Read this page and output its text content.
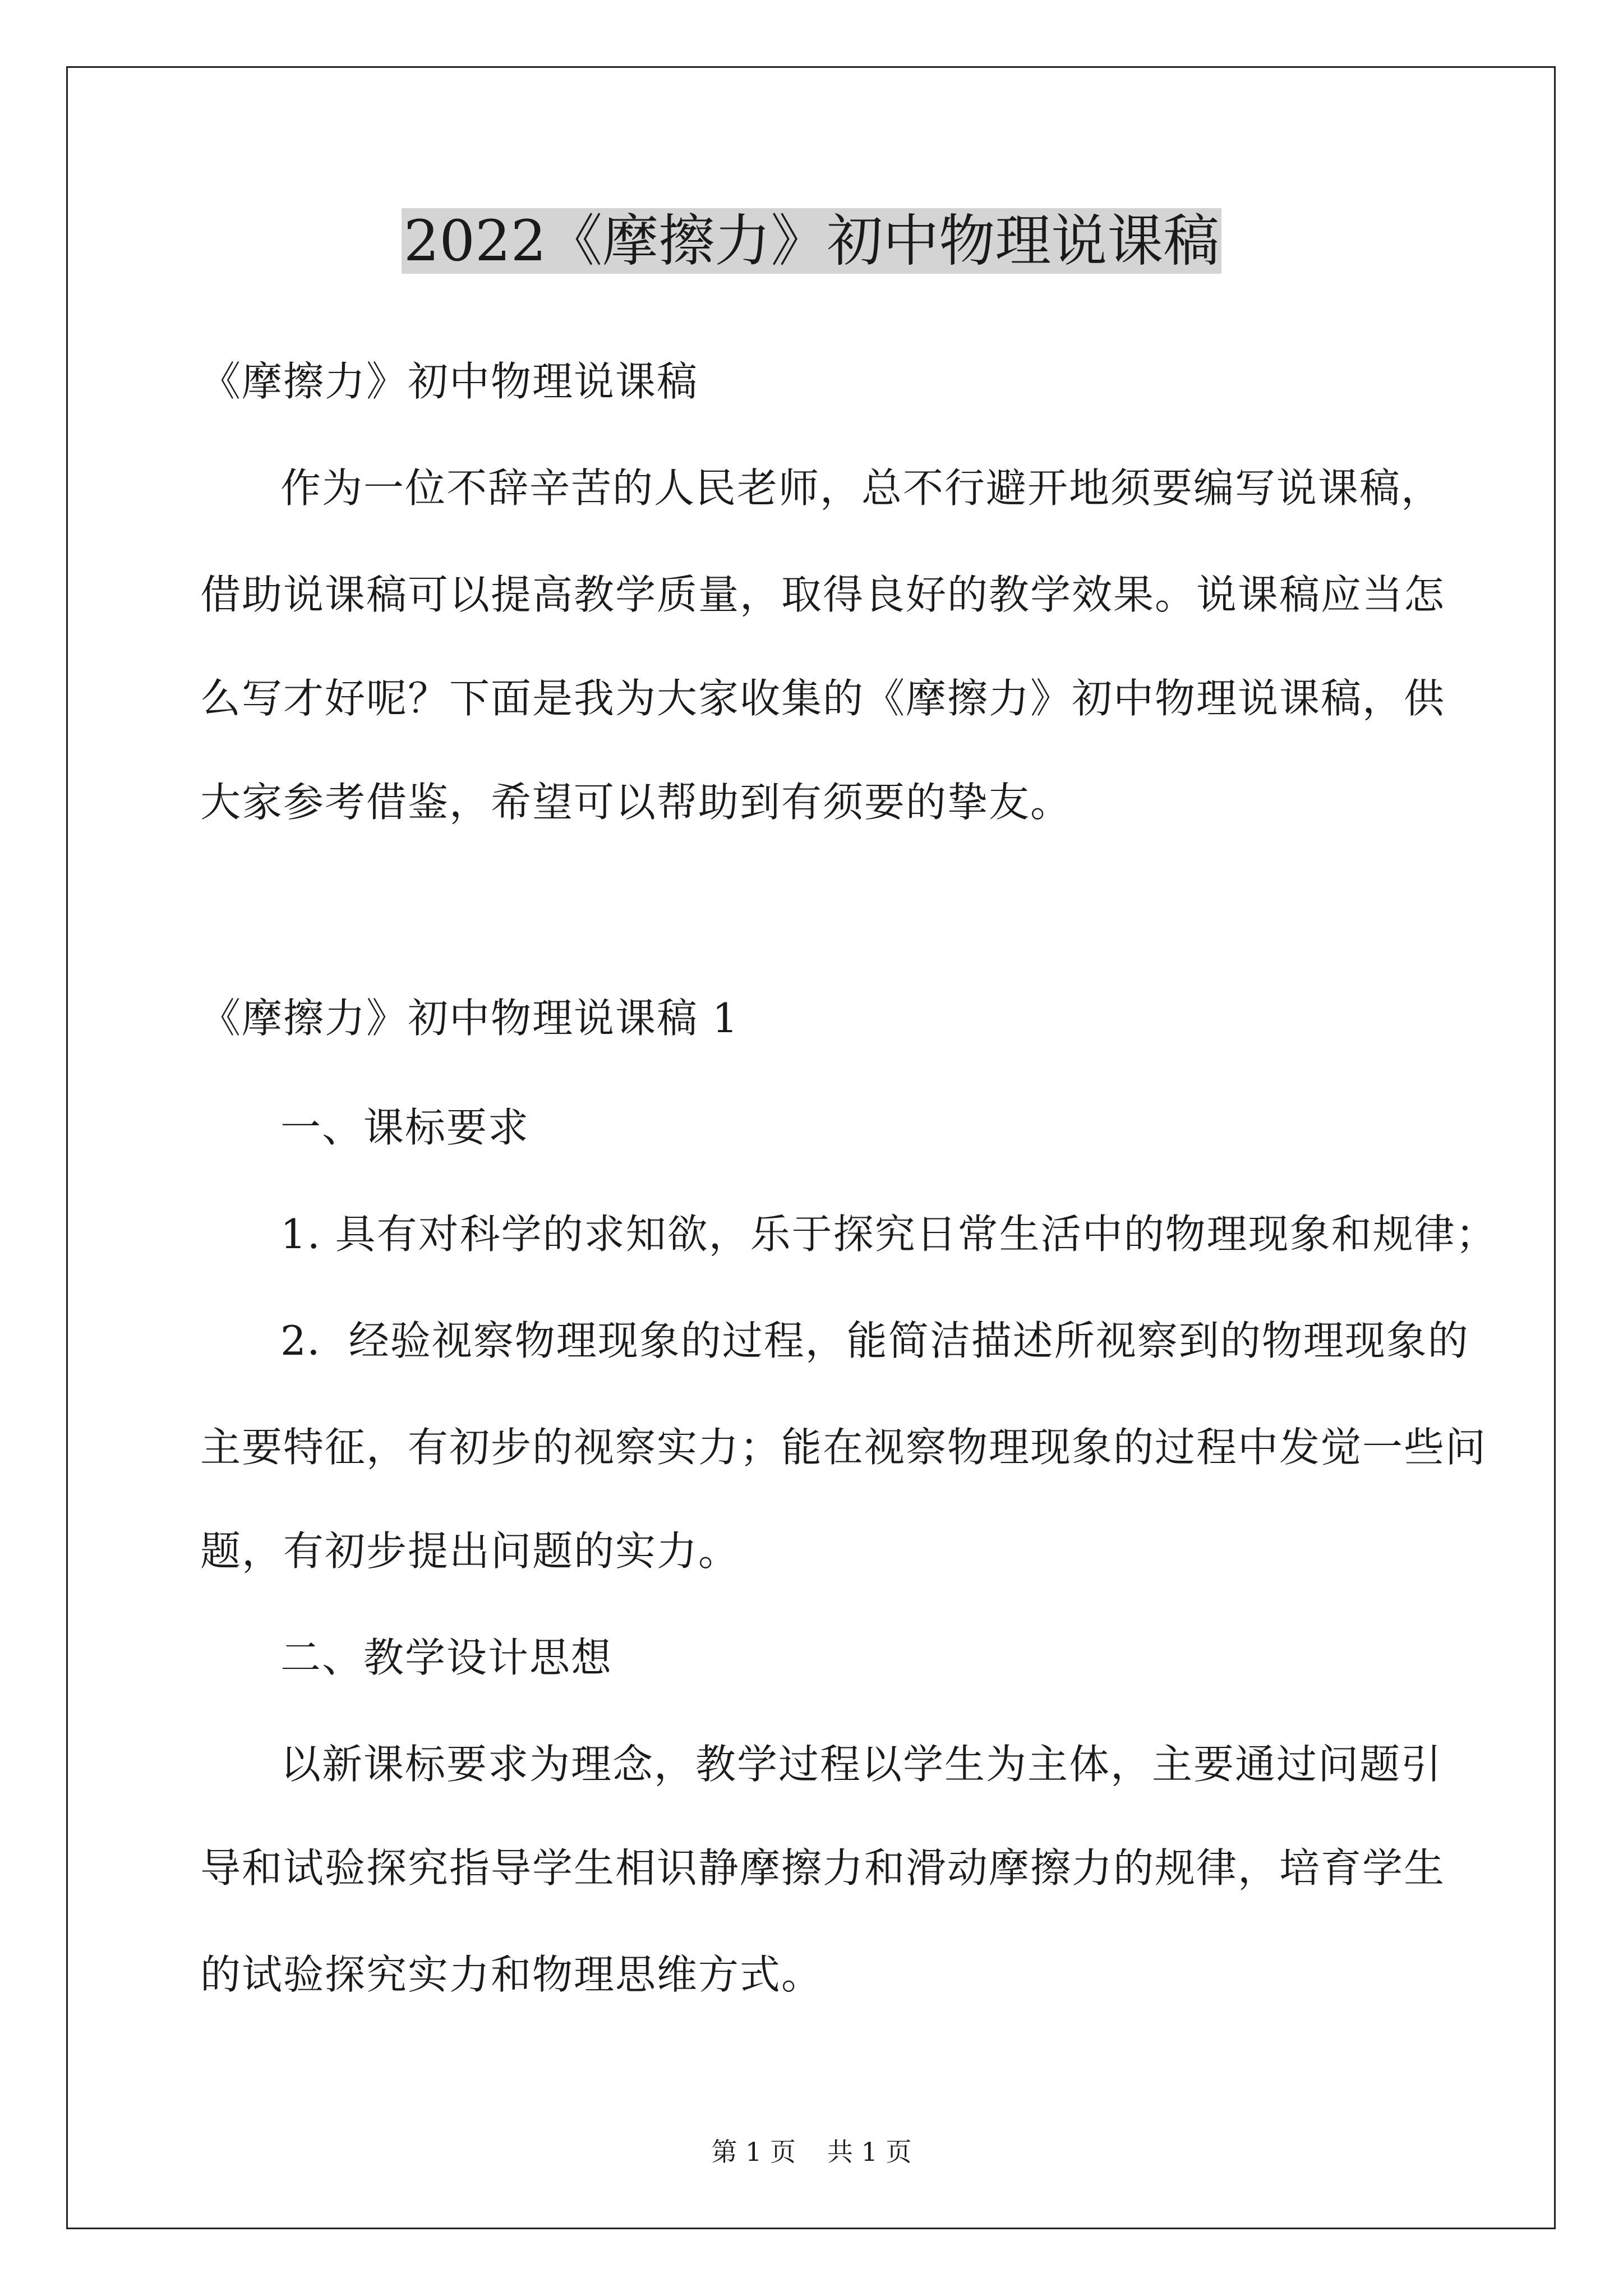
2022《摩擦力》初中物理说课稿
《摩擦力》初中物理说课稿
作为一位不辞辛苦的人民老师，总不行避开地须要编写说课稿，
借助说课稿可以提高教学质量，取得良好的教学效果。说课稿应当怎
么写才好呢？下面是我为大家收集的《摩擦力》初中物理说课稿，供
大家参考借鉴，希望可以帮助到有须要的挚友。
《摩擦力》初中物理说课稿 1
一、课标要求
1. 具有对科学的求知欲，乐于探究日常生活中的物理现象和规律；
2．经验视察物理现象的过程，能简洁描述所视察到的物理现象的
主要特征，有初步的视察实力；能在视察物理现象的过程中发觉一些问
题，有初步提出问题的实力。
二、教学设计思想
以新课标要求为理念，教学过程以学生为主体，主要通过问题引
导和试验探究指导学生相识静摩擦力和滑动摩擦力的规律，培育学生
的试验探究实力和物理思维方式。
第 1 页 共 1 页
